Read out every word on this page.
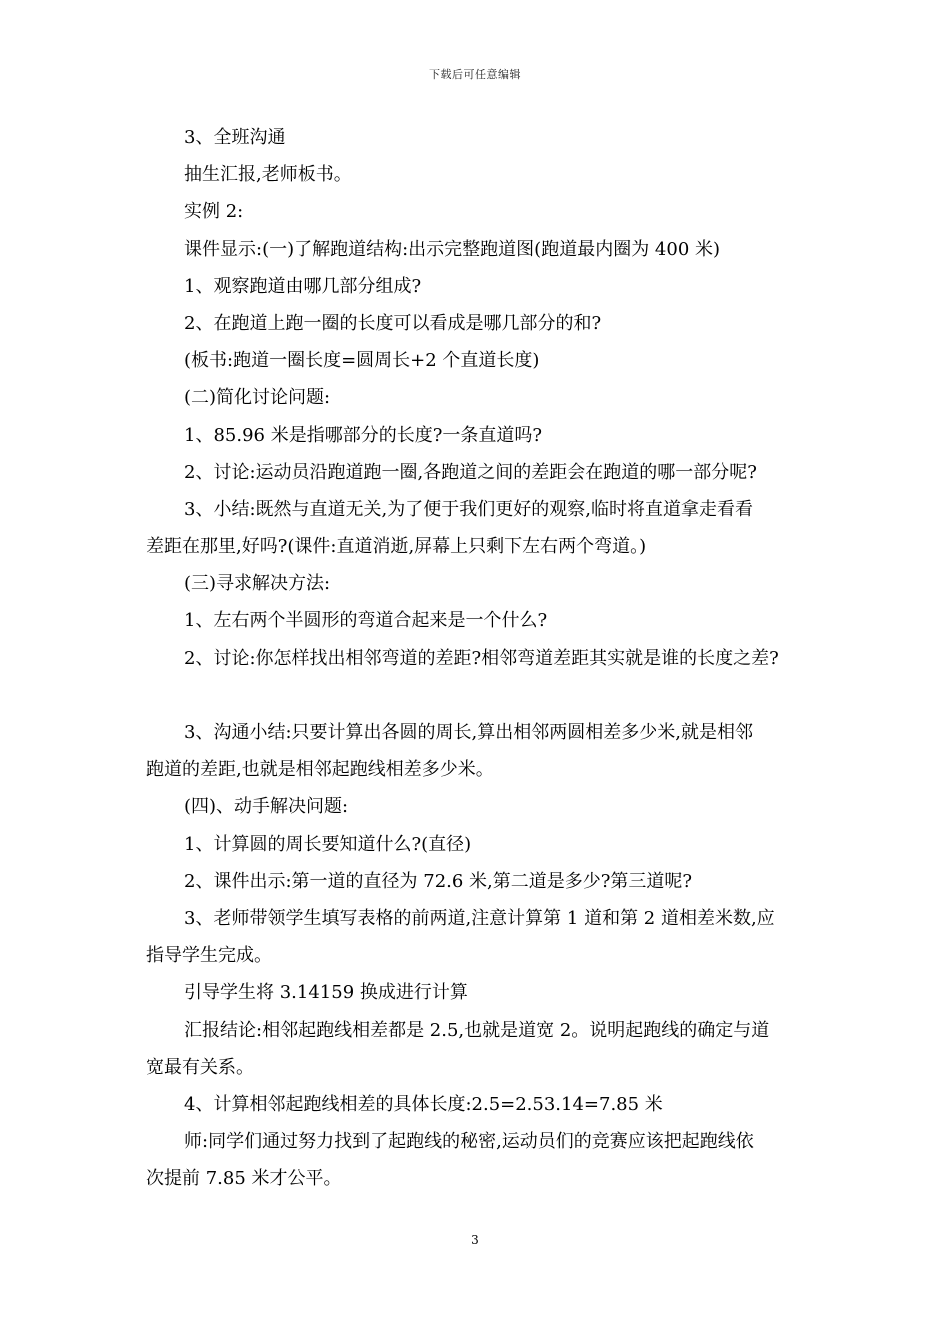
下载后可任意编辑
3、全班沟通
抽生汇报,老师板书。
实例 2:
课件显示:(一)了解跑道结构:出示完整跑道图(跑道最内圈为 400 米)
1、观察跑道由哪几部分组成?
2、在跑道上跑一圈的长度可以看成是哪几部分的和?
(板书:跑道一圈长度=圆周长+2 个直道长度)
(二)简化讨论问题:
1、85.96 米是指哪部分的长度?一条直道吗?
2、讨论:运动员沿跑道跑一圈,各跑道之间的差距会在跑道的哪一部分呢?
3、小结:既然与直道无关,为了便于我们更好的观察,临时将直道拿走看看
差距在那里,好吗?(课件:直道消逝,屏幕上只剩下左右两个弯道。)
(三)寻求解决方法:
1、左右两个半圆形的弯道合起来是一个什么?
2、讨论:你怎样找出相邻弯道的差距?相邻弯道差距其实就是谁的长度之差?
3、沟通小结:只要计算出各圆的周长,算出相邻两圆相差多少米,就是相邻
跑道的差距,也就是相邻起跑线相差多少米。
(四)、动手解决问题:
1、计算圆的周长要知道什么?(直径)
2、课件出示:第一道的直径为 72.6 米,第二道是多少?第三道呢?
3、老师带领学生填写表格的前两道,注意计算第 1 道和第 2 道相差米数,应
指导学生完成。
引导学生将 3.14159 换成进行计算
汇报结论:相邻起跑线相差都是 2.5,也就是道宽 2。说明起跑线的确定与道
宽最有关系。
4、计算相邻起跑线相差的具体长度:2.5=2.53.14=7.85 米
师:同学们通过努力找到了起跑线的秘密,运动员们的竞赛应该把起跑线依
次提前 7.85 米才公平。
3
